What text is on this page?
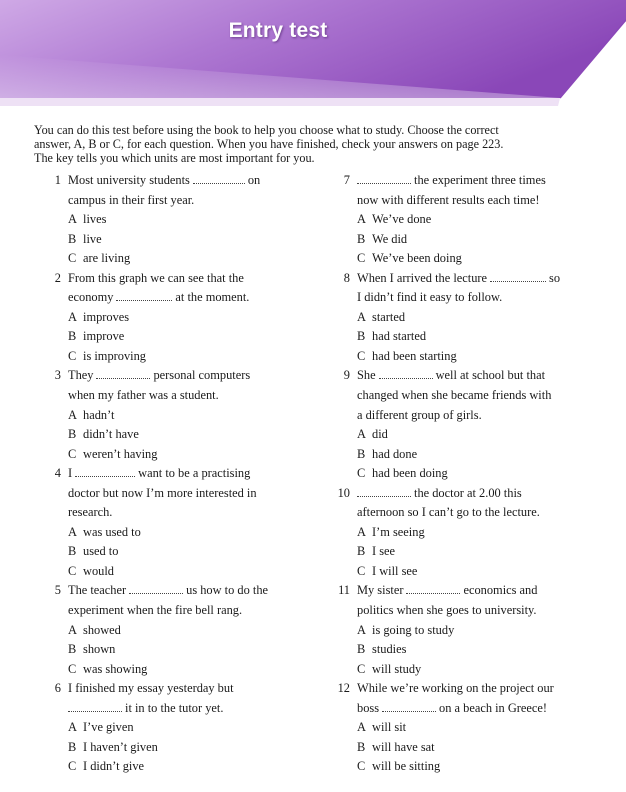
Entry test

You can do this test before using the book to help you choose what to study. Choose the correct
answer, A, B or C, for each question. When you have finished, check your answers on page 223.
The key tells you which units are most important for you.

1 Most university students	on
campus in their first year.
A lives
B live
C are living
2 From this graph we can see that the
economy	at the moment.
A improves
B improve
C is improving
3 They	personal computers
when my father was a student.
A hadn’t
B didn’t have
C weren’t having
4 I	want to be a practising
doctor but now I’m more interested in
research.
A was used to
B used to
C would
5 The teacher	us how to do the
experiment when the fire bell rang.
A showed
B shown
C was showing
6 I finished my essay yesterday but
it in to the tutor yet.
A I’ve given
B I haven’t given
C I didn’t give
7	the experiment three times
now with different results each time!
A We’ve done
B We did
C We’ve been doing
8 When I arrived the lecture	so
I didn’t find it easy to follow.
A started
B had started
C had been starting
9 She	well at school but that
changed when she became friends with
a different group of girls.
A did
B had done
C had been doing
10	the doctor at 2.00 this
afternoon so I can’t go to the lecture.
A I’m seeing
B I see
C I will see
11 My sister	economics and
politics when she goes to university.
A is going to study
B studies
C will study
12 While we’re working on the project our
boss	on a beach in Greece!
A will sit
B will have sat
C will be sitting
